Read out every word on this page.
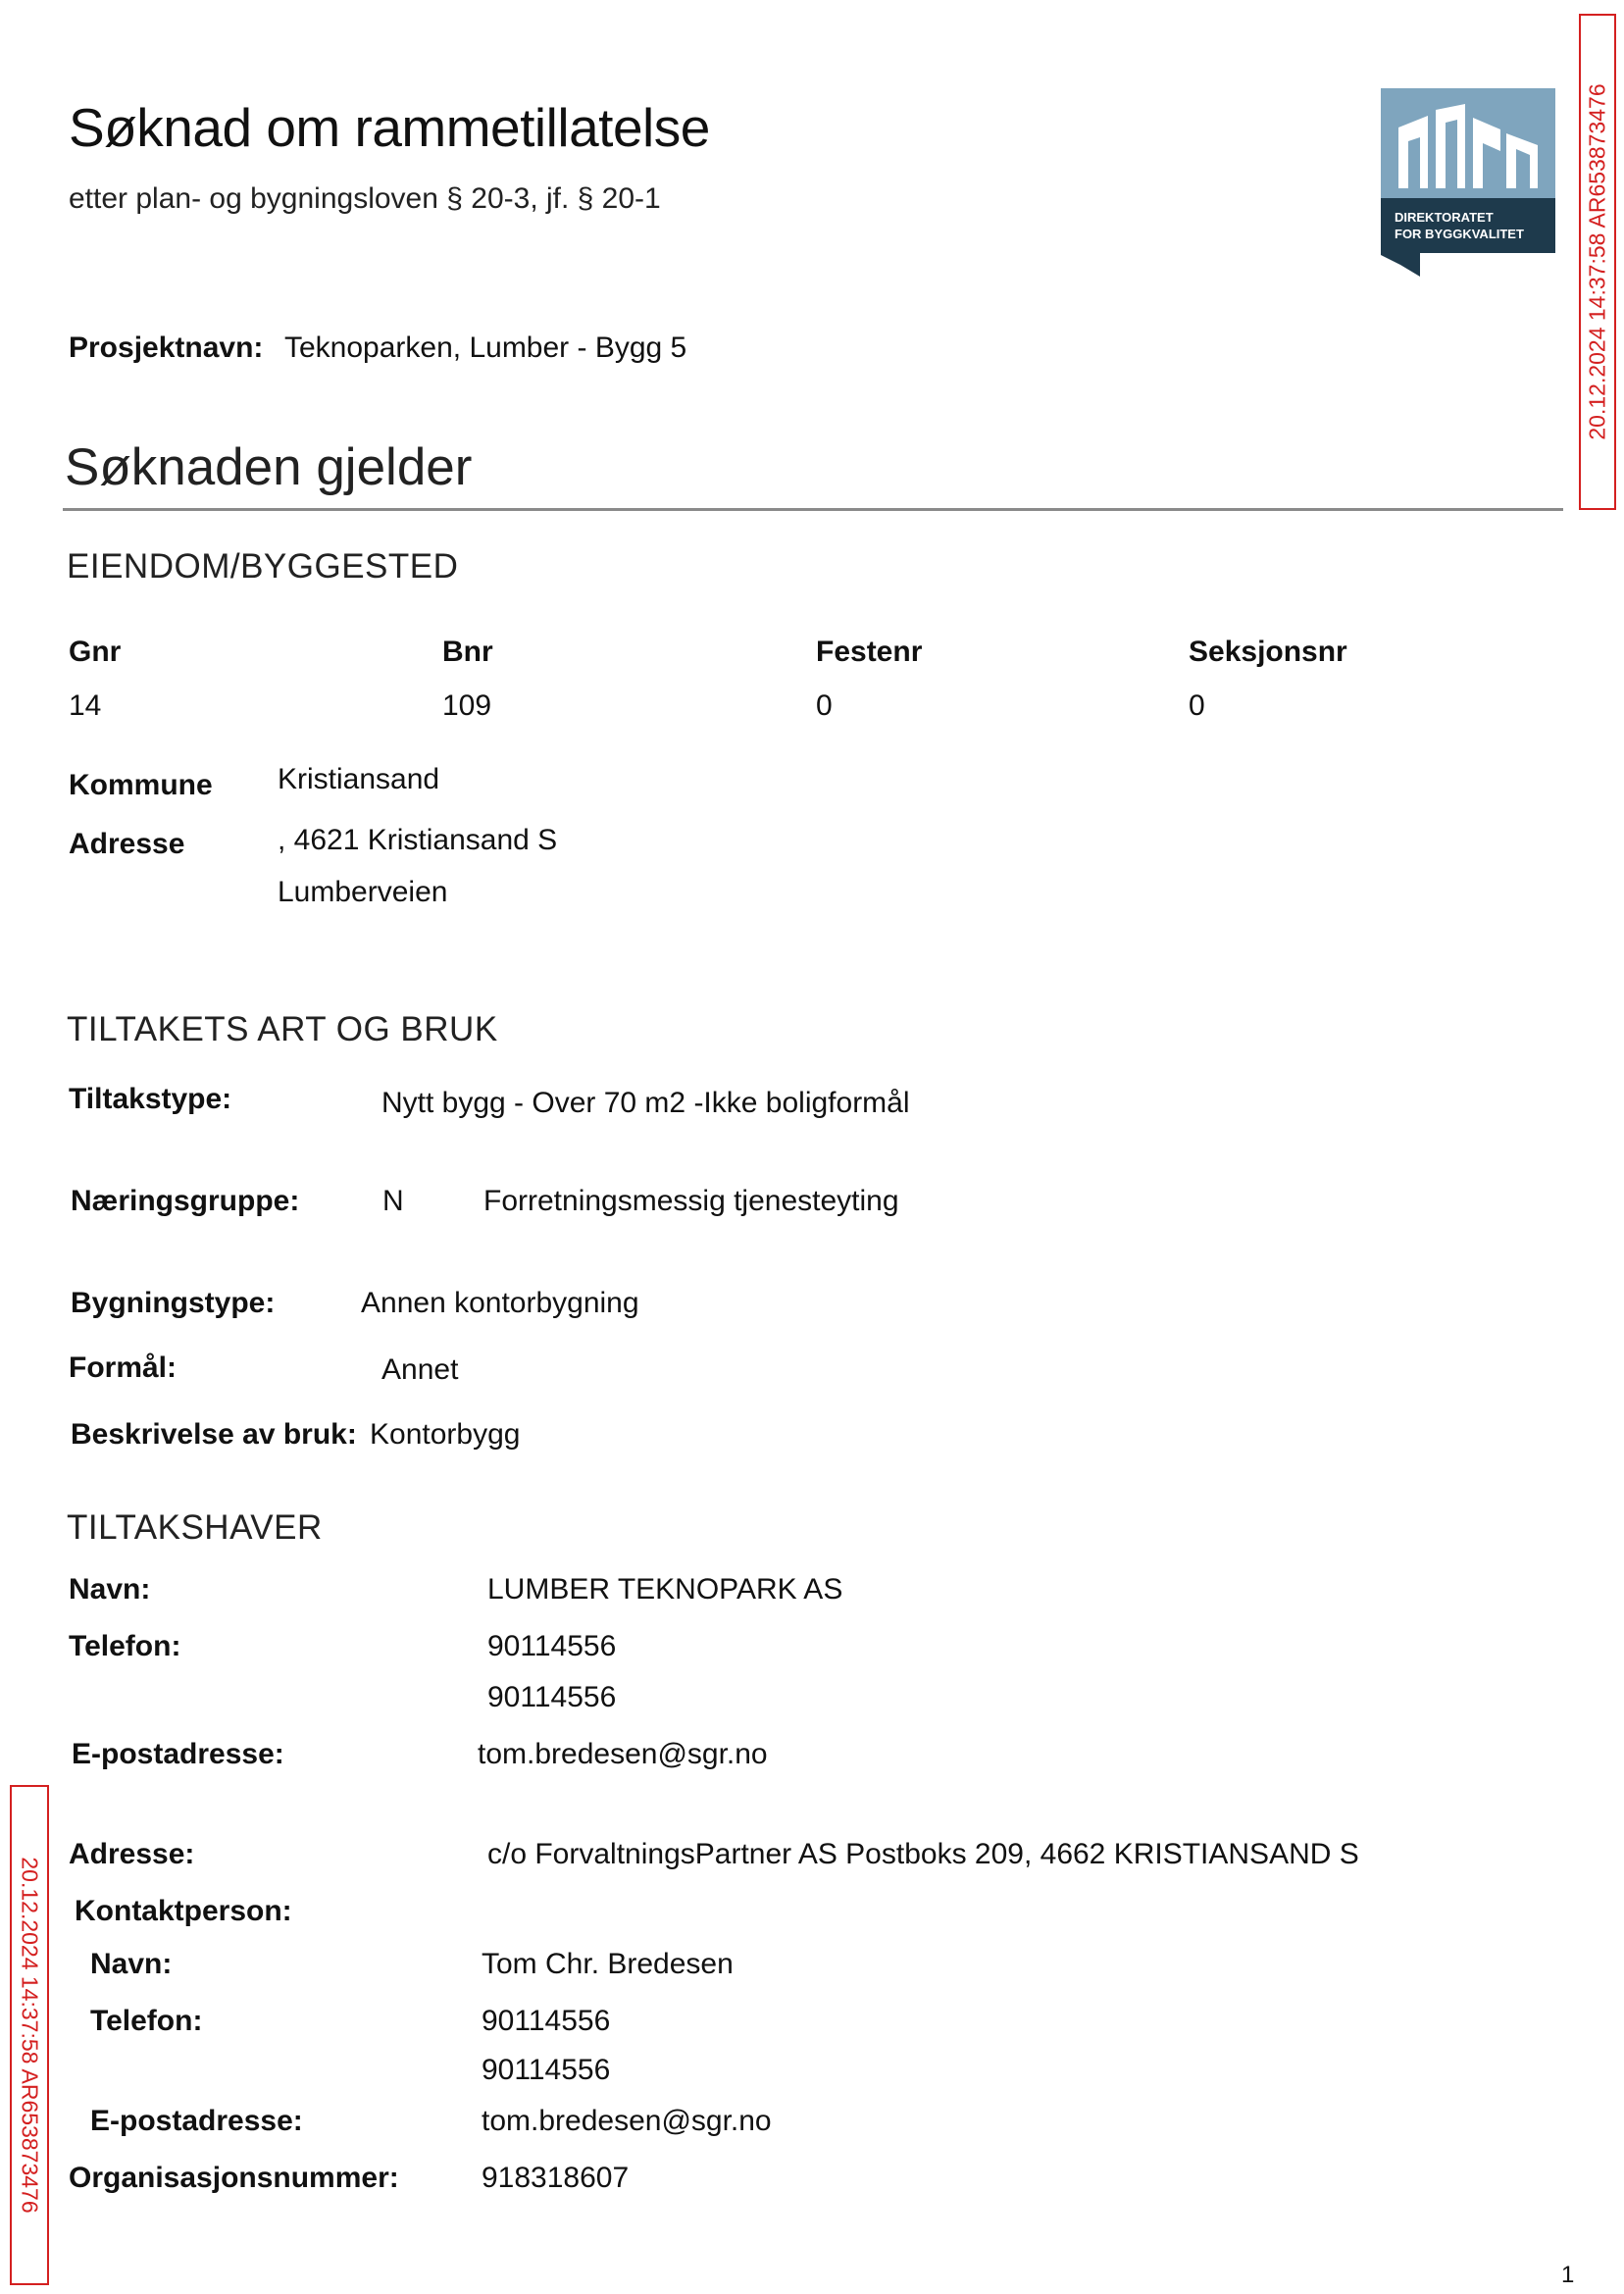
Søknad om rammetillatelse
etter plan- og bygningsloven § 20-3, jf. § 20-1
DIREKTORATET
FOR BYGGKVALITET	20.12.2024 14:37:58 AR653873476
Prosjektnavn: Teknoparken, Lumber - Bygg 5
Søknaden gjelder
EIENDOM/BYGGESTED
Gnr	Bnr	Festenr	Seksjonsnr
14	109	0	0
Kommune Kristiansand
Adresse	, 4621 Kristiansand S
Lumberveien
TILTAKETS ART OG BRUK
Tiltakstype:	Nytt bygg - Over 70 m2 -Ikke boligformål
Næringsgruppe:	N	Forretningsmessig tjenesteyting
Bygningstype:	Annen kontorbygning
Formål:	Annet
Beskrivelse av bruk: Kontorbygg
TILTAKSHAVER
Navn:	LUMBER TEKNOPARK AS
Telefon:	90114556
90114556
E-postadresse:	tom.bredesen@sgr.no
Adresse:	c/o ForvaltningsPartner AS Postboks 209, 4662 KRISTIANSAND S
Kontaktperson:
Navn:	Tom Chr. Bredesen
Telefon:	90114556
90114556
E-postadresse:	tom.bredesen@sgr.no
Organisasjonsnummer:	918318607
20.12.2024 14:37:58 AR653873476
1
